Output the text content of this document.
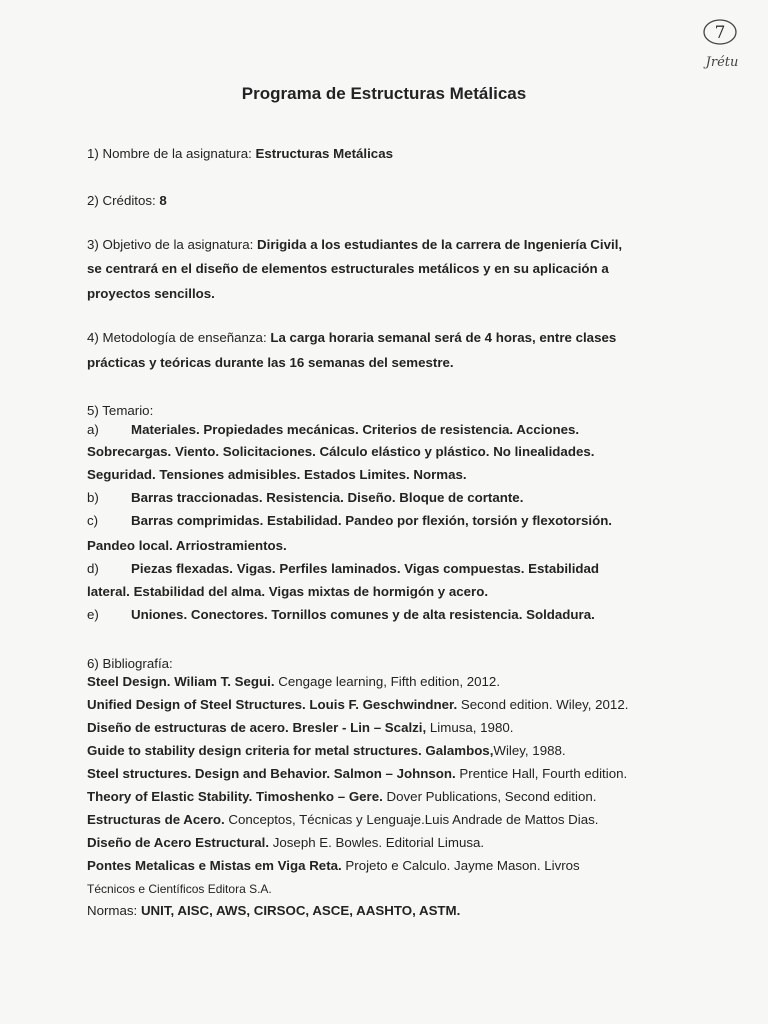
7
Jrétu
Programa de Estructuras Metálicas
1) Nombre de la asignatura: Estructuras Metálicas
2) Créditos: 8
3) Objetivo de la asignatura: Dirigida a los estudiantes de la carrera de Ingeniería Civil,
se centrará en el diseño de elementos estructurales metálicos y en su aplicación a
proyectos sencillos.
4) Metodología de enseñanza: La carga horaria semanal será de 4 horas, entre clases
prácticas y teóricas durante las 16 semanas del semestre.
5) Temario:
a) Materiales. Propiedades mecánicas. Criterios de resistencia. Acciones.
Sobrecargas. Viento. Solicitaciones. Cálculo elástico y plástico. No linealidades.
Seguridad. Tensiones admisibles. Estados Limites. Normas.
b) Barras traccionadas. Resistencia. Diseño. Bloque de cortante.
c) Barras comprimidas. Estabilidad. Pandeo por flexión, torsión y flexotorsión.
Pandeo local. Arriostramientos.
d) Piezas flexadas. Vigas. Perfiles laminados. Vigas compuestas. Estabilidad
lateral. Estabilidad del alma. Vigas mixtas de hormigón y acero.
e) Uniones. Conectores. Tornillos comunes y de alta resistencia. Soldadura.
6) Bibliografía:
Steel Design. Wiliam T. Segui. Cengage learning, Fifth edition, 2012.
Unified Design of Steel Structures. Louis F. Geschwindner. Second edition. Wiley, 2012.
Diseño de estructuras de acero. Bresler - Lin – Scalzi, Limusa, 1980.
Guide to stability design criteria for metal structures. Galambos,Wiley, 1988.
Steel structures. Design and Behavior. Salmon – Johnson. Prentice Hall, Fourth edition.
Theory of Elastic Stability. Timoshenko – Gere. Dover Publications, Second edition.
Estructuras de Acero. Conceptos, Técnicas y Lenguaje.Luis Andrade de Mattos Dias.
Diseño de Acero Estructural. Joseph E. Bowles. Editorial Limusa.
Pontes Metalicas e Mistas em Viga Reta. Projeto e Calculo. Jayme Mason. Livros
Técnicos e Científicos Editora S.A.
Normas: UNIT, AISC, AWS, CIRSOC, ASCE, AASHTO, ASTM.
